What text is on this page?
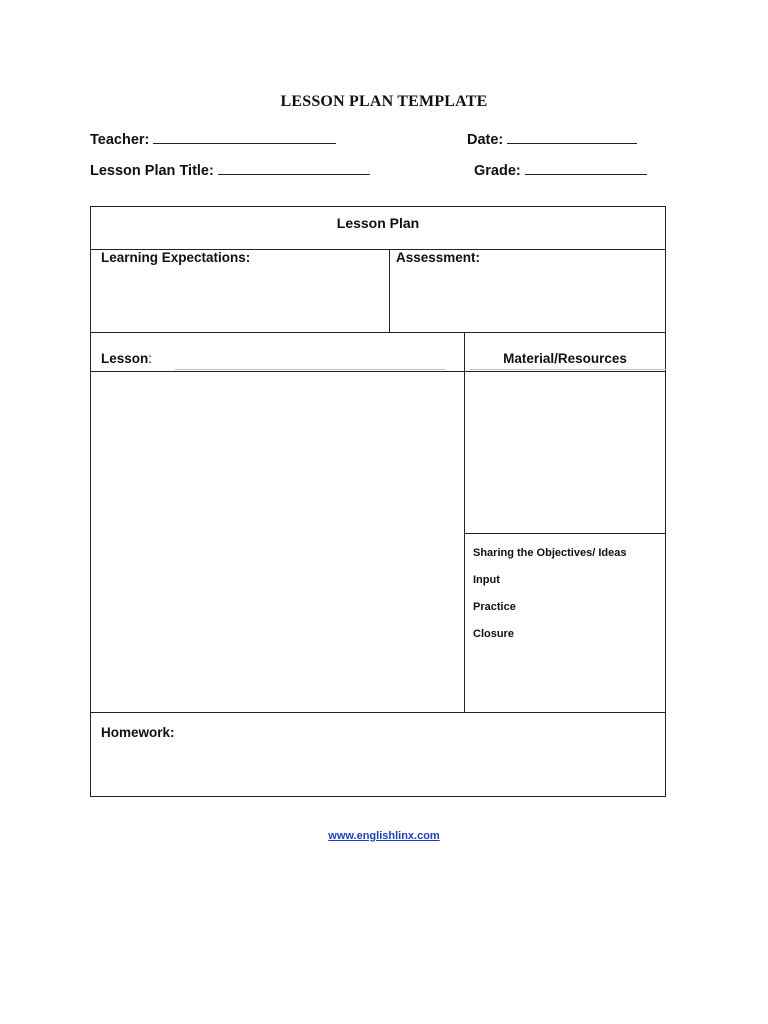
LESSON PLAN TEMPLATE
Teacher:	Date:
Lesson Plan Title:	Grade:
Lesson Plan
Learning Expectations:	Assessment:
Lesson:	Material/Resources
Sharing the Objectives/ Ideas
Input
Practice
Closure
Homework:
www.englishlinx.com
